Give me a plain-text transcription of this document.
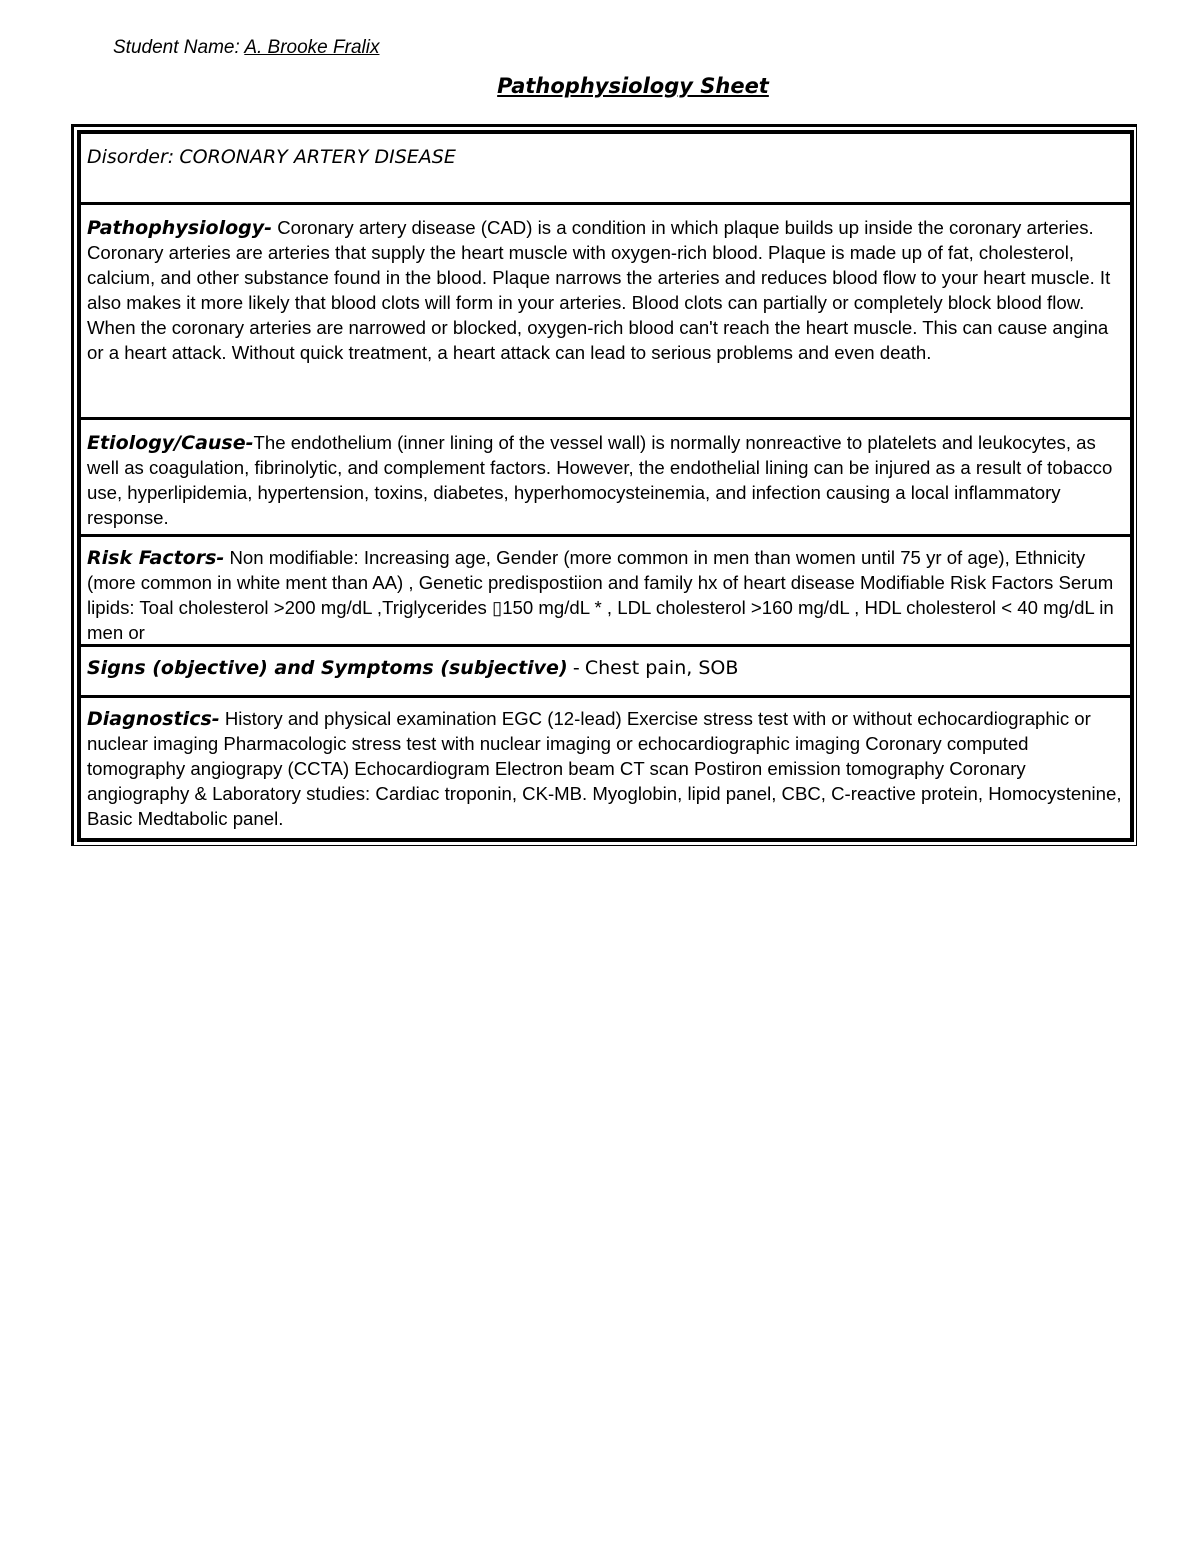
Student Name: A. Brooke Fralix
Pathophysiology Sheet
Disorder: CORONARY ARTERY DISEASE
Pathophysiology- Coronary artery disease (CAD) is a condition in which plaque builds up inside the coronary arteries. Coronary arteries are arteries that supply the heart muscle with oxygen-rich blood. Plaque is made up of fat, cholesterol, calcium, and other substance found in the blood. Plaque narrows the arteries and reduces blood flow to your heart muscle. It also makes it more likely that blood clots will form in your arteries. Blood clots can partially or completely block blood flow. When the coronary arteries are narrowed or blocked, oxygen-rich blood can't reach the heart muscle. This can cause angina or a heart attack. Without quick treatment, a heart attack can lead to serious problems and even death.
Etiology/Cause-The endothelium (inner lining of the vessel wall) is normally nonreactive to platelets and leukocytes, as well as coagulation, fibrinolytic, and complement factors. However, the endothelial lining can be injured as a result of tobacco use, hyperlipidemia, hypertension, toxins, diabetes, hyperhomocysteinemia, and infection causing a local inflammatory response.
Risk Factors- Non modifiable: Increasing age, Gender (more common in men than women until 75 yr of age), Ethnicity (more common in white ment than AA) , Genetic predispostiion and family hx of heart disease Modifiable Risk Factors Serum lipids: Toal cholesterol >200 mg/dL ,Triglycerides ▯150 mg/dL * , LDL cholesterol >160 mg/dL , HDL cholesterol < 40 mg/dL in men or
Signs (objective) and Symptoms (subjective) - Chest pain, SOB
Diagnostics- History and physical examination EGC (12-lead) Exercise stress test with or without echocardiographic or nuclear imaging Pharmacologic stress test with nuclear imaging or echocardiographic imaging Coronary computed tomography angiograpy (CCTA) Echocardiogram Electron beam CT scan Postiron emission tomography Coronary angiography & Laboratory studies: Cardiac troponin, CK-MB. Myoglobin, lipid panel, CBC, C-reactive protein, Homocystenine, Basic Medtabolic panel.
